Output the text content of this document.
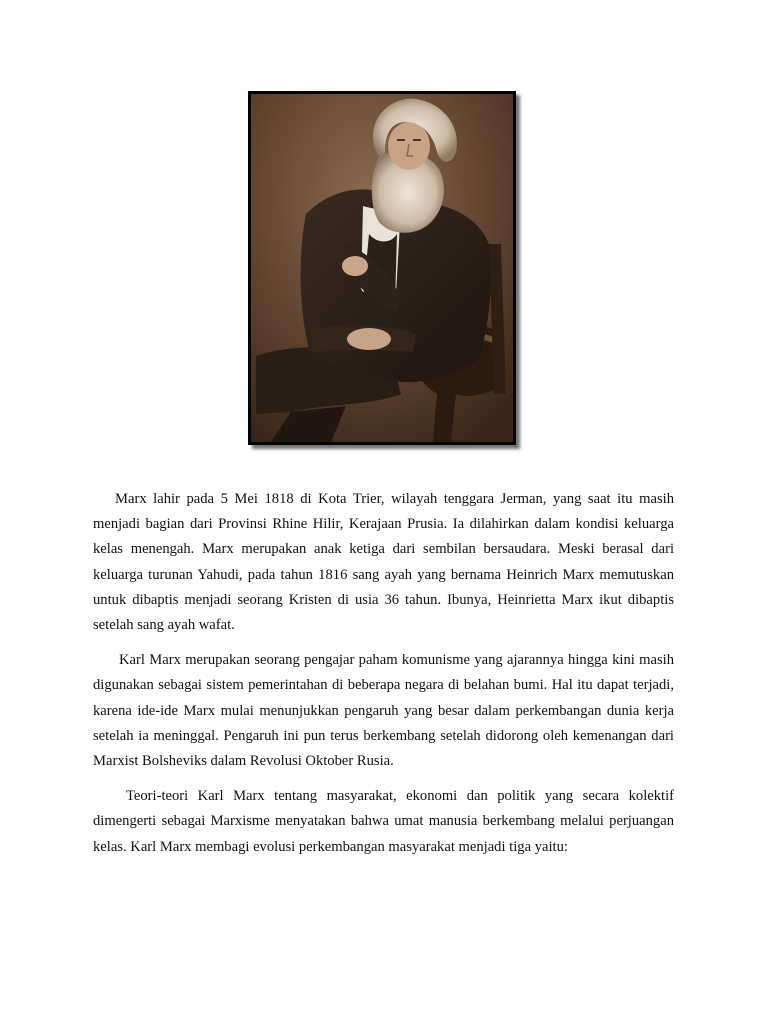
Marx lahir pada 5 Mei 1818 di Kota Trier, wilayah tenggara Jerman, yang saat itu masih menjadi bagian dari Provinsi Rhine Hilir, Kerajaan Prusia. Ia dilahirkan dalam kondisi keluarga kelas menengah. Marx merupakan anak ketiga dari sembilan bersaudara. Meski berasal dari keluarga turunan Yahudi, pada tahun 1816 sang ayah yang bernama Heinrich Marx memutuskan untuk dibaptis menjadi seorang Kristen di usia 36 tahun. Ibunya, Heinrietta Marx ikut dibaptis setelah sang ayah wafat.

Karl Marx merupakan seorang pengajar paham komunisme yang ajarannya hingga kini masih digunakan sebagai sistem pemerintahan di beberapa negara di belahan bumi. Hal itu dapat terjadi, karena ide-ide Marx mulai menunjukkan pengaruh yang besar dalam perkembangan dunia kerja setelah ia meninggal. Pengaruh ini pun terus berkembang setelah didorong oleh kemenangan dari Marxist Bolsheviks dalam Revolusi Oktober Rusia.

Teori-teori Karl Marx tentang masyarakat, ekonomi dan politik yang secara kolektif dimengerti sebagai Marxisme menyatakan bahwa umat manusia berkembang melalui perjuangan kelas. Karl Marx membagi evolusi perkembangan masyarakat menjadi tiga yaitu:
